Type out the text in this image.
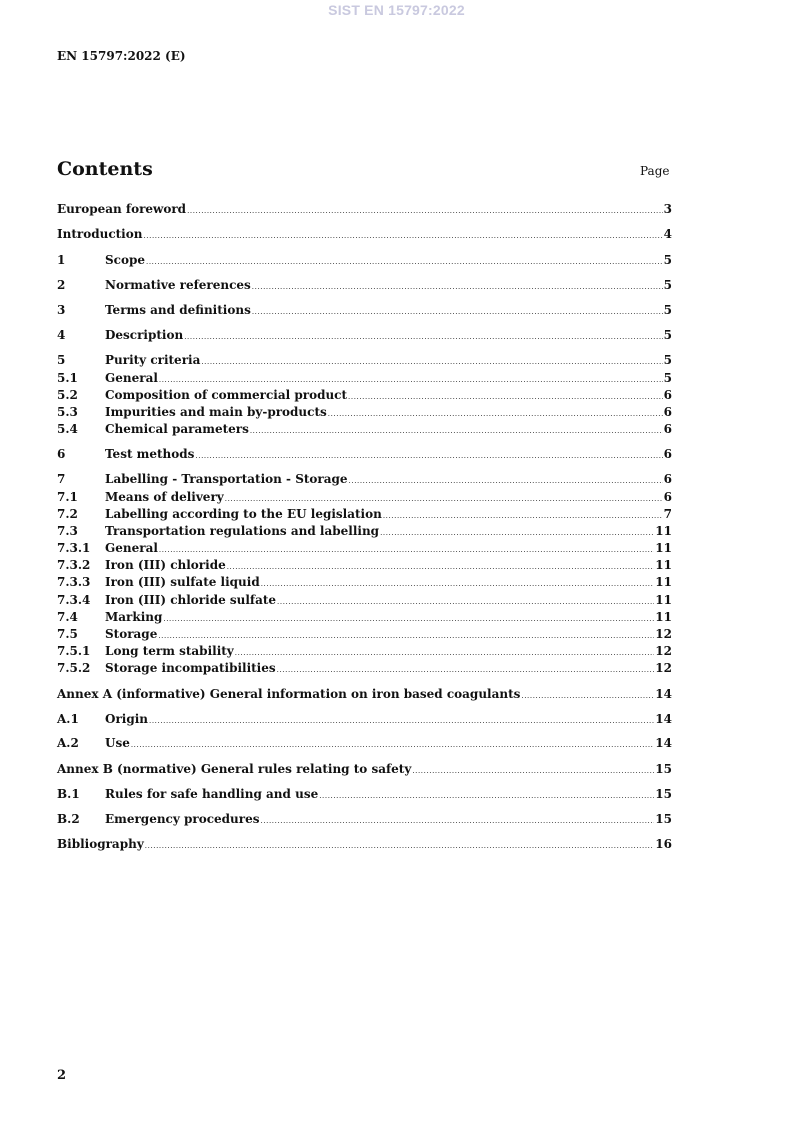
SIST EN 15797:2022
EN 15797:2022 (E)
Contents	Page
European foreword .....	3
Introduction .....	4
1	Scope .....	5
2	Normative references .....	5
3	Terms and definitions .....	5
4	Description .....	5
5	Purity criteria .....	5
5.1	General .....	5
5.2	Composition of commercial product .....	6
5.3	Impurities and main by-products .....	6
5.4	Chemical parameters .....	6
6	Test methods .....	6
7	Labelling - Transportation - Storage .....	6
7.1	Means of delivery .....	6
7.2	Labelling according to the EU legislation .....	7
7.3	Transportation regulations and labelling .....	11
7.3.1	General .....	11
7.3.2	Iron (III) chloride .....	11
7.3.3	Iron (III) sulfate liquid .....	11
7.3.4	Iron (III) chloride sulfate .....	11
7.4	Marking .....	11
7.5	Storage .....	12
7.5.1	Long term stability .....	12
7.5.2	Storage incompatibilities .....	12
Annex A (informative) General information on iron based coagulants .....	14
A.1	Origin .....	14
A.2	Use .....	14
Annex B (normative) General rules relating to safety .....	15
B.1	Rules for safe handling and use .....	15
B.2	Emergency procedures .....	15
Bibliography .....	16
2
